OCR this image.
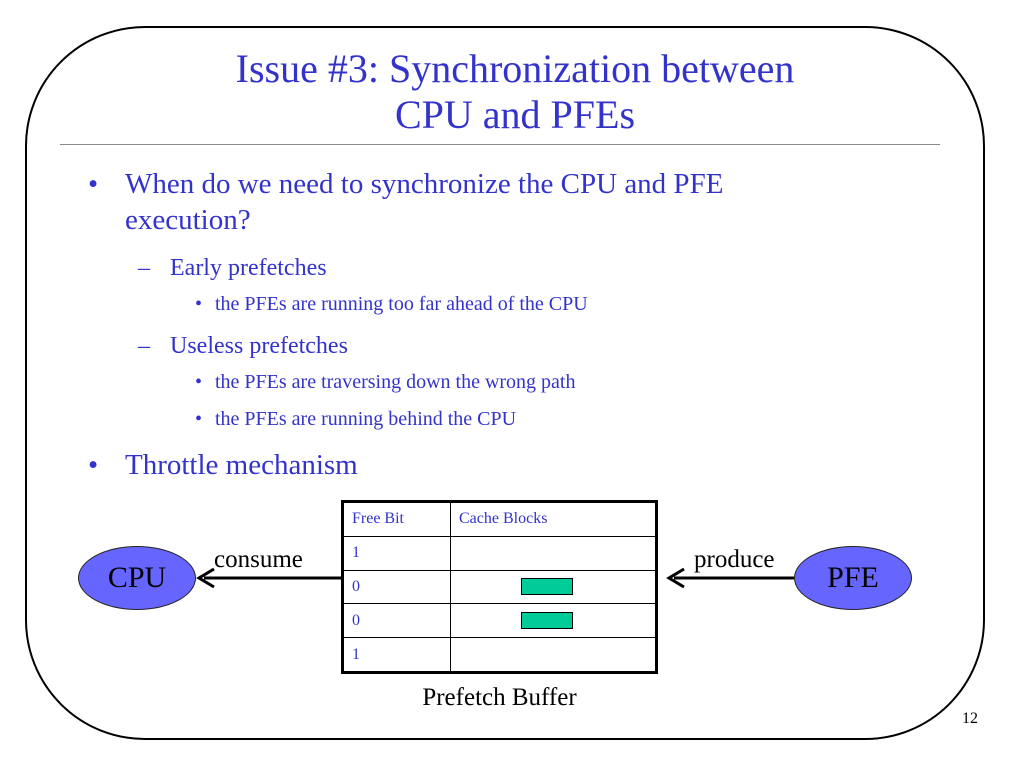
Issue #3: Synchronization between
CPU and PFEs
• When do we need to synchronize the CPU and PFE
execution?
– Early prefetches
• the PFEs are running too far ahead of the CPU
– Useless prefetches
• the PFEs are traversing down the wrong path
• the PFEs are running behind the CPU
• Throttle mechanism
Free Bit	Cache Blocks
1	
0	

0	

1	
Prefetch Buffer
CPU	PFE
consume	produce
12
